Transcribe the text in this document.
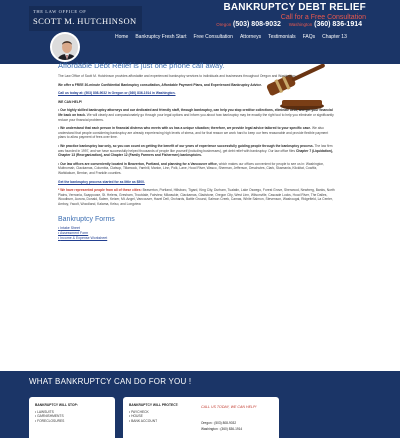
THE LAW OFFICE OF
SCOTT M. HUTCHINSON
BANKRUPTCY DEBT RELIEF
Call for a Free Consultation
Oregon (503) 808-9032 Washington (360) 836-1914
Home	Bankruptcy Fresh Start	Free Consultation	Attorneys	Testimonials	FAQs	Chapter 13
Affordable Debt Relief is just one phone call away.

The Law Office of Scott M. Hutchinson provides affordable and experienced bankruptcy services to individuals and businesses throughout Oregon and Washington.

We offer a FREE 30-minute Confidential Bankruptcy consultation, Affordable Payment Plans, and Experienced Bankruptcy Advice.

Call us today at: (503) 808-9032 in Oregon or (360) 836-1914 in Washington.

WE CAN HELP!

• Our highly skilled bankruptcy attorneys and our dedicated and friendly staff, through bankruptcy, can help you stop creditor collections, eliminate debt, and get your financial life back on track. We will clearly and compassionately go through your legal options and inform you about how bankruptcy may be exactly the right tool to help you eliminate or significantly reduce your financial problems.

• We understand that each person in financial distress who meets with us has a unique situation; therefore, we provide legal advice tailored to your specific case. We also understand that people considering bankruptcy are already experiencing high levels of stress, and for that reason we work hard to keep our fees reasonable and provide flexible payment plans to allow payment of fees over time.

• We practice bankruptcy law only, so you can count on getting the benefit of our years of experience successfully guiding people through the bankruptcy process. The law firm was founded in 1997, and we have successfully helped thousands of people like yourself (including businesses), get debt relief with bankruptcy. Our law office files Chapter 7 (Liquidation), Chapter 13 (Reorganization), and Chapter 12 (Family Farmers and Fishermen) bankruptcies.

• Our law offices are conveniently located in Beaverton, Portland, and planning for a Vancouver office, which makes our offices convenient for people to see us in: Washington, Multnomah, Clackamas, Columbia, Clatsop, Tillamook, Yamhill, Marion, Linn, Polk, Lane, Hood River, Wasco, Sherman, Jefferson, Deschutes, Clark, Skamania, Klickitat, Cowlitz, Wahkiakum, Benton, and Franklin counties.

Get the bankruptcy process started for as little as $500.

* We have represented people from all of these cities: Beaverton, Portland, Hillsboro, Tigard, King City, Durham, Tualatin, Lake Oswego, Forest Grove, Sherwood, Newberg, Banks, North Plains, Vernonia, Scappoose, St. Helens, Gresham, Troutdale, Fairview, Milwaukie, Clackamas, Gladstone, Oregon City, West Linn, Wilsonville, Cascade Locks, Hood River, The Dalles, Woodburn, Aurora, Donald, Salem, Keizer, Mt. Angel, Vancouver, Hazel Dell, Orchards, Battle Ground, Salmon Creek, Camas, White Salmon, Stevenson, Washougal, Ridgefield, La Center, Amboy, Yacolt, Woodland, Kalama, Kelso, and Longview.

Bankruptcy Forms
• Intake Sheet
• Assessment Form
• Income & Expense Worksheet
WHAT BANKRUPTCY CAN DO FOR YOU !
BANKRUPTCY WILL STOP:
• LAWSUITS
• GARNISHMENTS
• FORECLOSURES
BANKRUPTCY WILL PROTECT:
• PAYCHECK
• HOUSE
• BANK ACCOUNT
CALL US TODAY, WE CAN HELP!
Oregon : (503) 808-9032
Washington : (360) 836-1914
